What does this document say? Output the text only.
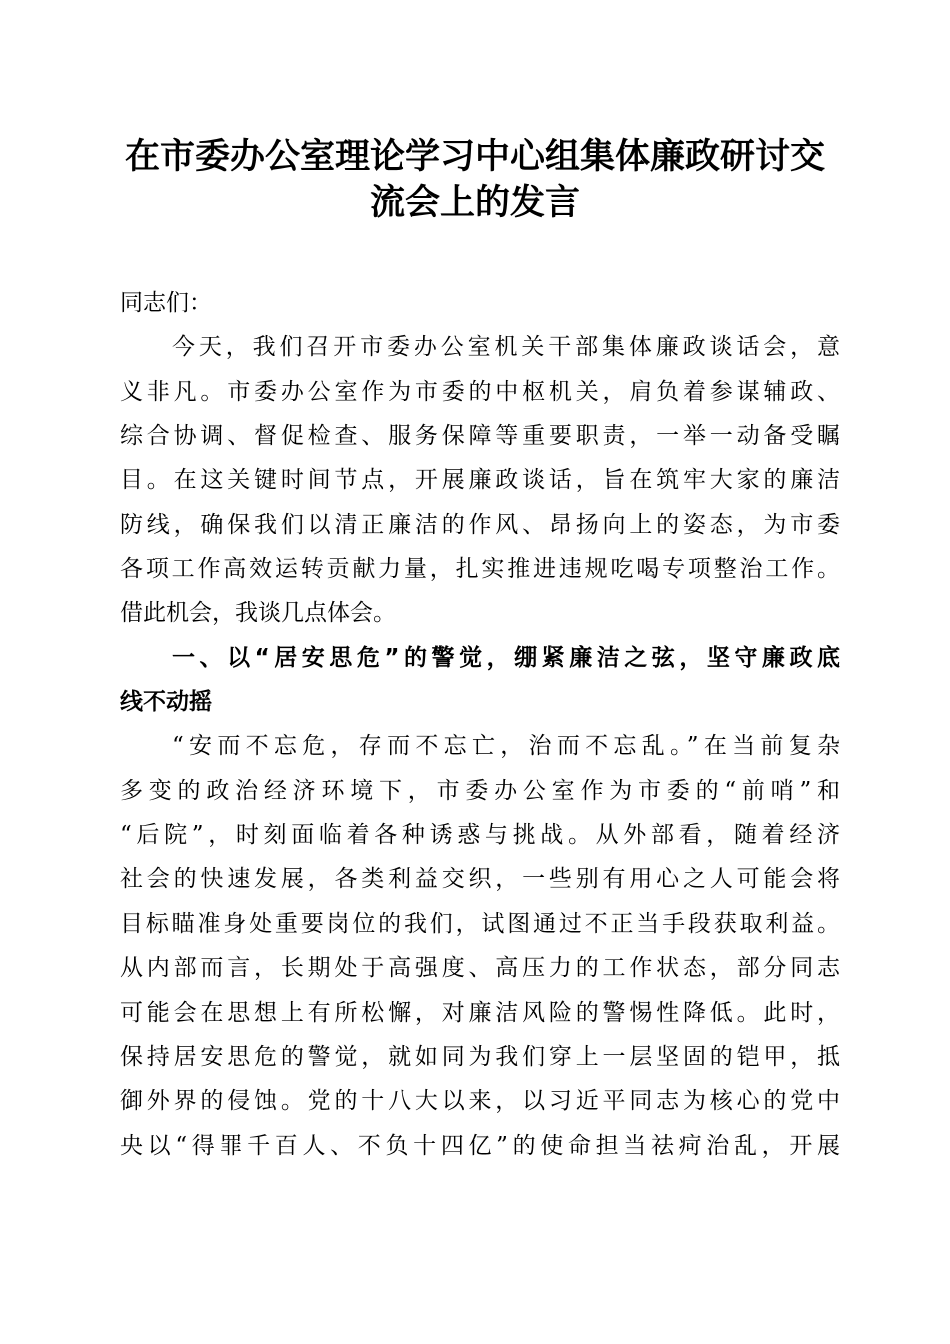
在市委办公室理论学习中心组集体廉政研讨交
流会上的发言
同志们：
今天，我们召开市委办公室机关干部集体廉政谈话会，意
义非凡。市委办公室作为市委的中枢机关，肩负着参谋辅政、
综合协调、督促检查、服务保障等重要职责，一举一动备受瞩
目。在这关键时间节点，开展廉政谈话，旨在筑牢大家的廉洁
防线，确保我们以清正廉洁的作风、昂扬向上的姿态，为市委
各项工作高效运转贡献力量，扎实推进违规吃喝专项整治工作。
借此机会，我谈几点体会。
一、以“居安思危”的警觉，绷紧廉洁之弦，坚守廉政底
线不动摇
“安而不忘危，存而不忘亡，治而不忘乱。”在当前复杂
多变的政治经济环境下，市委办公室作为市委的“前哨”和
“后院”，时刻面临着各种诱惑与挑战。从外部看，随着经济
社会的快速发展，各类利益交织，一些别有用心之人可能会将
目标瞄准身处重要岗位的我们，试图通过不正当手段获取利益。
从内部而言，长期处于高强度、高压力的工作状态，部分同志
可能会在思想上有所松懈，对廉洁风险的警惕性降低。此时，
保持居安思危的警觉，就如同为我们穿上一层坚固的铠甲，抵
御外界的侵蚀。党的十八大以来，以习近平同志为核心的党中
央以“得罪千百人、不负十四亿”的使命担当祛疴治乱，开展
